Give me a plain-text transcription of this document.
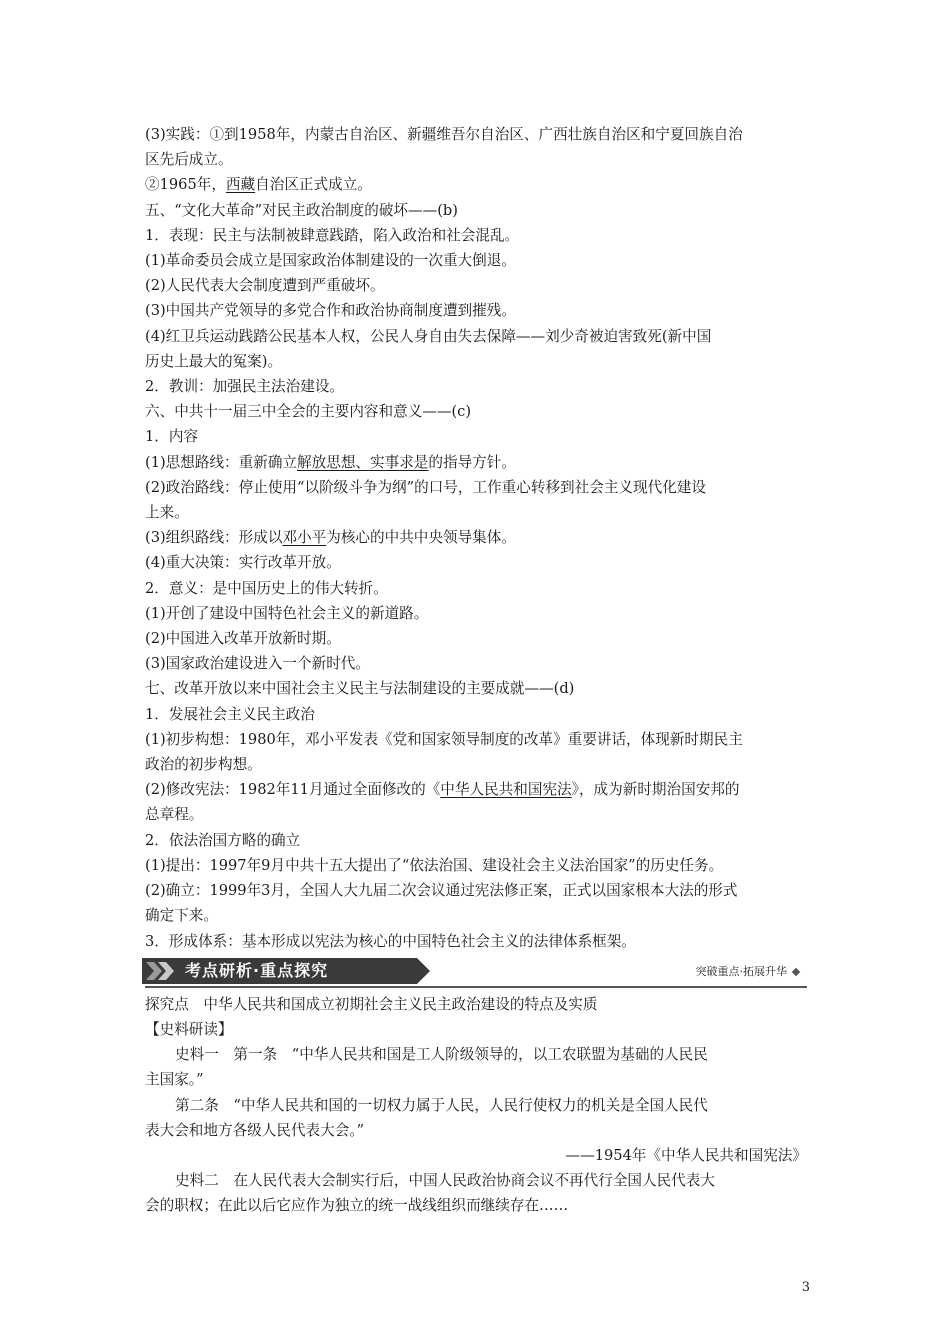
(3)实践：①到1958年，内蒙古自治区、新疆维吾尔自治区、广西壮族自治区和宁夏回族自治
区先后成立。
②1965年，西藏自治区正式成立。
五、“文化大革命”对民主政治制度的破坏——(b)
1．表现：民主与法制被肆意践踏，陷入政治和社会混乱。
(1)革命委员会成立是国家政治体制建设的一次重大倒退。
(2)人民代表大会制度遭到严重破坏。
(3)中国共产党领导的多党合作和政治协商制度遭到摧残。
(4)红卫兵运动践踏公民基本人权，公民人身自由失去保障——刘少奇被迫害致死(新中国
历史上最大的冤案)。
2．教训：加强民主法治建设。
六、中共十一届三中全会的主要内容和意义——(c)
1．内容
(1)思想路线：重新确立解放思想、实事求是的指导方针。
(2)政治路线：停止使用“以阶级斗争为纲”的口号，工作重心转移到社会主义现代化建设
上来。
(3)组织路线：形成以邓小平为核心的中共中央领导集体。
(4)重大决策：实行改革开放。
2．意义：是中国历史上的伟大转折。
(1)开创了建设中国特色社会主义的新道路。
(2)中国进入改革开放新时期。
(3)国家政治建设进入一个新时代。
七、改革开放以来中国社会主义民主与法制建设的主要成就——(d)
1．发展社会主义民主政治
(1)初步构想：1980年，邓小平发表《党和国家领导制度的改革》重要讲话，体现新时期民主
政治的初步构想。
(2)修改宪法：1982年11月通过全面修改的《中华人民共和国宪法》，成为新时期治国安邦的
总章程。
2．依法治国方略的确立
(1)提出：1997年9月中共十五大提出了“依法治国、建设社会主义法治国家”的历史任务。
(2)确立：1999年3月，全国人大九届二次会议通过宪法修正案，正式以国家根本大法的形式
确定下来。
3．形成体系：基本形成以宪法为核心的中国特色社会主义的法律体系框架。
考点研析·重点探究	突破重点·拓展升华
探究点　中华人民共和国成立初期社会主义民主政治建设的特点及实质
【史料研读】
史料一　第一条　“中华人民共和国是工人阶级领导的，以工农联盟为基础的人民民
主国家。”
第二条　“中华人民共和国的一切权力属于人民，人民行使权力的机关是全国人民代
表大会和地方各级人民代表大会。”
——1954年《中华人民共和国宪法》
史料二　在人民代表大会制实行后，中国人民政治协商会议不再代行全国人民代表大
会的职权；在此以后它应作为独立的统一战线组织而继续存在……
3
